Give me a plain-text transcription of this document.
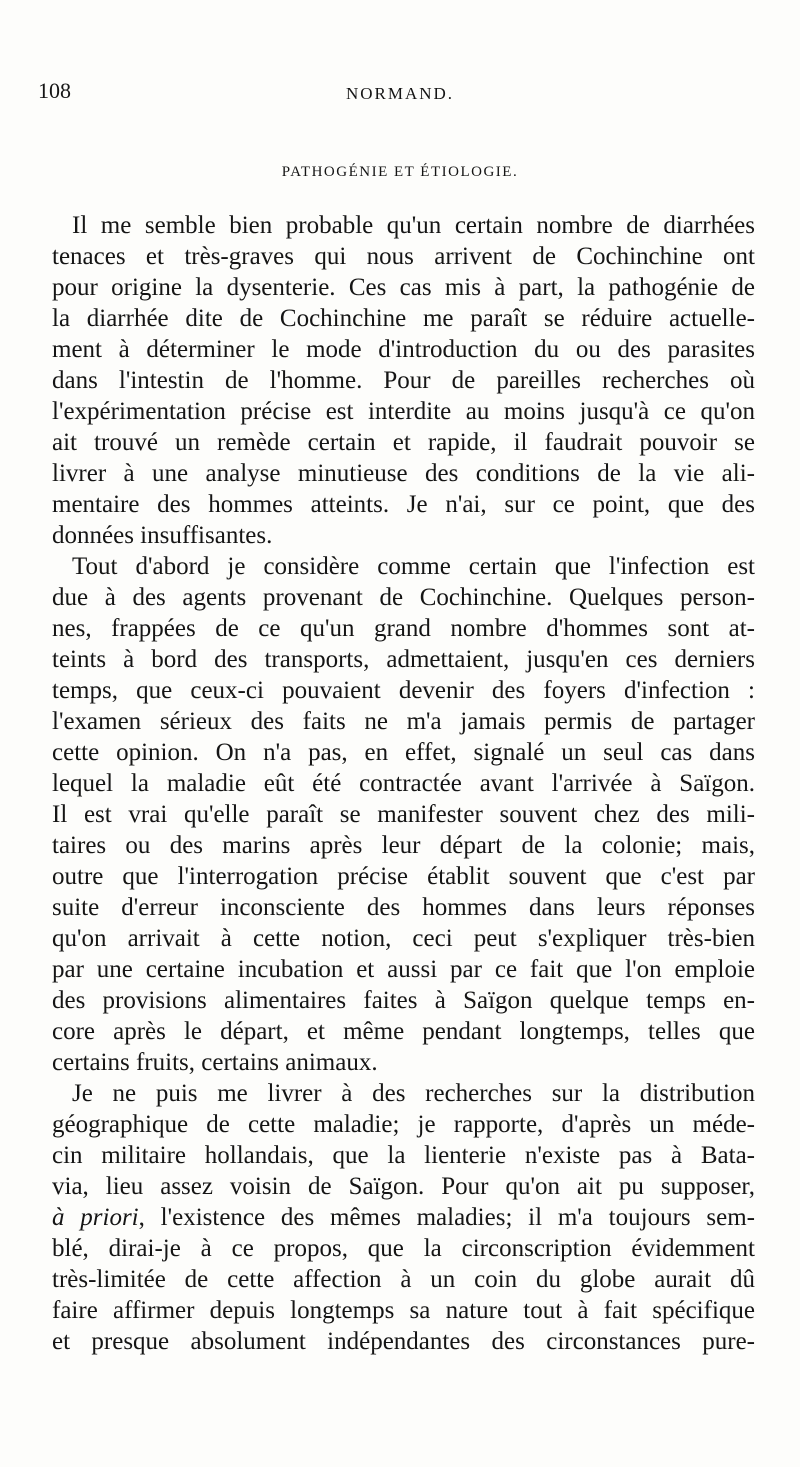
108	NORMAND.
PATHOGÉNIE ET ÉTIOLOGIE.
Il me semble bien probable qu'un certain nombre de diarrhées
tenaces et très-graves qui nous arrivent de Cochinchine ont
pour origine la dysenterie. Ces cas mis à part, la pathogénie de
la diarrhée dite de Cochinchine me paraît se réduire actuelle-
ment à déterminer le mode d'introduction du ou des parasites
dans l'intestin de l'homme. Pour de pareilles recherches où
l'expérimentation précise est interdite au moins jusqu'à ce qu'on
ait trouvé un remède certain et rapide, il faudrait pouvoir se
livrer à une analyse minutieuse des conditions de la vie ali-
mentaire des hommes atteints. Je n'ai, sur ce point, que des
données insuffisantes.
Tout d'abord je considère comme certain que l'infection est
due à des agents provenant de Cochinchine. Quelques person-
nes, frappées de ce qu'un grand nombre d'hommes sont at-
teints à bord des transports, admettaient, jusqu'en ces derniers
temps, que ceux-ci pouvaient devenir des foyers d'infection :
l'examen sérieux des faits ne m'a jamais permis de partager
cette opinion. On n'a pas, en effet, signalé un seul cas dans
lequel la maladie eût été contractée avant l'arrivée à Saïgon.
Il est vrai qu'elle paraît se manifester souvent chez des mili-
taires ou des marins après leur départ de la colonie; mais,
outre que l'interrogation précise établit souvent que c'est par
suite d'erreur inconsciente des hommes dans leurs réponses
qu'on arrivait à cette notion, ceci peut s'expliquer très-bien
par une certaine incubation et aussi par ce fait que l'on emploie
des provisions alimentaires faites à Saïgon quelque temps en-
core après le départ, et même pendant longtemps, telles que
certains fruits, certains animaux.
Je ne puis me livrer à des recherches sur la distribution
géographique de cette maladie; je rapporte, d'après un méde-
cin militaire hollandais, que la lienterie n'existe pas à Bata-
via, lieu assez voisin de Saïgon. Pour qu'on ait pu supposer,
à priori, l'existence des mêmes maladies; il m'a toujours sem-
blé, dirai-je à ce propos, que la circonscription évidemment
très-limitée de cette affection à un coin du globe aurait dû
faire affirmer depuis longtemps sa nature tout à fait spécifique
et presque absolument indépendantes des circonstances pure-
